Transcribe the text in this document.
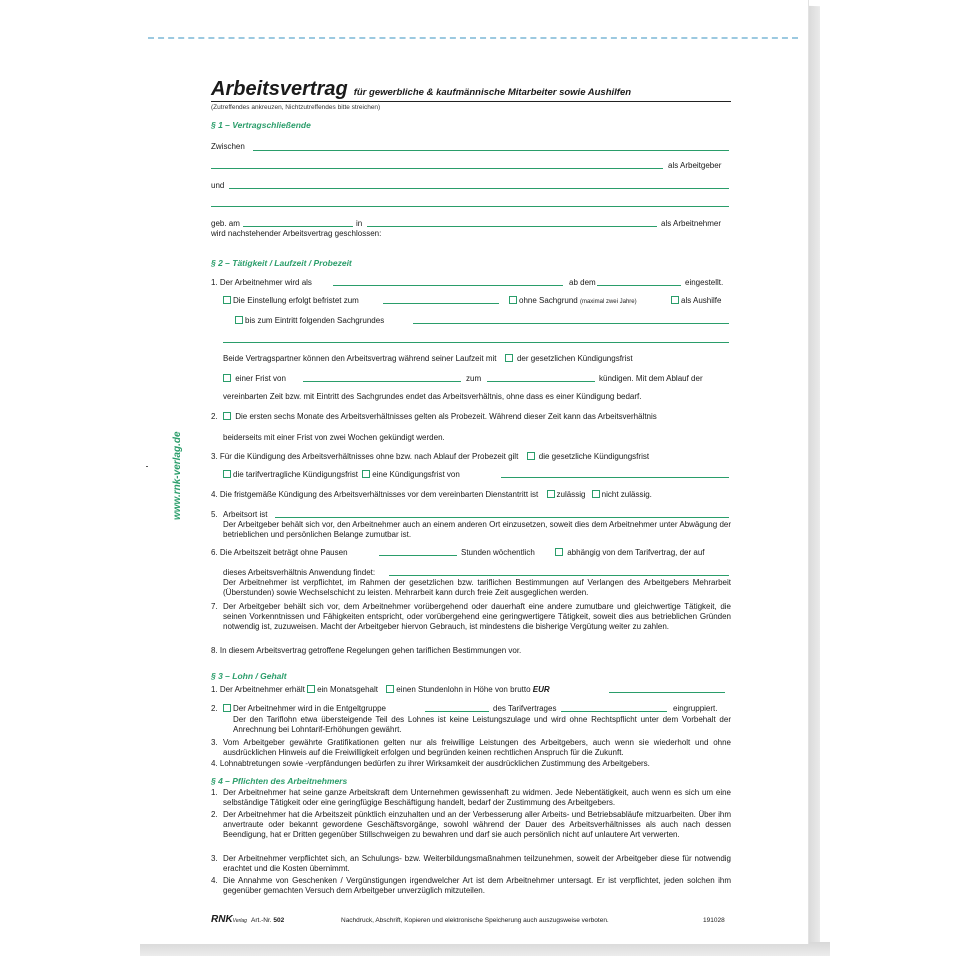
www.rnk-verlag.de
Arbeitsvertrag für gewerbliche & kaufmännische Mitarbeiter sowie Aushilfen
(Zutreffendes ankreuzen, Nichtzutreffendes bitte streichen)
§ 1 – Vertragschließende
Zwischen
als Arbeitgeber
und
geb. am	in	als Arbeitnehmer
wird nachstehender Arbeitsvertrag geschlossen:
§ 2 – Tätigkeit / Laufzeit / Probezeit
1. Der Arbeitnehmer wird als	ab dem	eingestellt.
Die Einstellung erfolgt befristet zum	ohne Sachgrund (maximal zwei Jahre)	als Aushilfe
bis zum Eintritt folgenden Sachgrundes
Beide Vertragspartner können den Arbeitsvertrag während seiner Laufzeit mit	der gesetzlichen Kündigungsfrist
einer Frist von	zum	kündigen. Mit dem Ablauf der
vereinbarten Zeit bzw. mit Eintritt des Sachgrundes endet das Arbeitsverhältnis, ohne dass es einer Kündigung bedarf.
2. Die ersten sechs Monate des Arbeitsverhältnisses gelten als Probezeit. Während dieser Zeit kann das Arbeitsverhältnis
beiderseits mit einer Frist von zwei Wochen gekündigt werden.
3. Für die Kündigung des Arbeitsverhältnisses ohne bzw. nach Ablauf der Probezeit gilt	die gesetzliche Kündigungsfrist
die tarifvertragliche Kündigungsfrist eine Kündigungsfrist von
4. Die fristgemäße Kündigung des Arbeitsverhältnisses vor dem vereinbarten Dienstantritt ist zulässig nicht zulässig.
5. Arbeitsort ist
Der Arbeitgeber behält sich vor, den Arbeitnehmer auch an einem anderen Ort einzusetzen, soweit dies dem Arbeitnehmer unter Abwägung der betrieblichen und persönlichen Belange zumutbar ist.
6. Die Arbeitszeit beträgt ohne Pausen	Stunden wöchentlich	abhängig von dem Tarifvertrag, der auf
dieses Arbeitsverhältnis Anwendung findet:
Der Arbeitnehmer ist verpflichtet, im Rahmen der gesetzlichen bzw. tariflichen Bestimmungen auf Verlangen des Arbeitgebers Mehrarbeit (Überstunden) sowie Wechselschicht zu leisten. Mehrarbeit kann durch freie Zeit ausgeglichen werden.
7. Der Arbeitgeber behält sich vor, dem Arbeitnehmer vorübergehend oder dauerhaft eine andere zumutbare und gleichwertige Tätigkeit, die seinen Vorkenntnissen und Fähigkeiten entspricht, oder vorübergehend eine geringwertigere Tätigkeit, soweit dies aus betrieblichen Gründen notwendig ist, zuzuweisen. Macht der Arbeitgeber hiervon Gebrauch, ist mindestens die bisherige Vergütung weiter zu zahlen.
8. In diesem Arbeitsvertrag getroffene Regelungen gehen tariflichen Bestimmungen vor.
§ 3 – Lohn / Gehalt
1. Der Arbeitnehmer erhält ein Monatsgehalt einen Stundenlohn in Höhe von brutto EUR
2. Der Arbeitnehmer wird in die Entgeltgruppe	des Tarifvertrages	eingruppiert.
Der den Tariflohn etwa übersteigende Teil des Lohnes ist keine Leistungszulage und wird ohne Rechtspflicht unter dem Vorbehalt der Anrechnung bei Lohntarif-Erhöhungen gewährt.
3. Vom Arbeitgeber gewährte Gratifikationen gelten nur als freiwillige Leistungen des Arbeitgebers, auch wenn sie wiederholt und ohne ausdrücklichen Hinweis auf die Freiwilligkeit erfolgen und begründen keinen rechtlichen Anspruch für die Zukunft.
4. Lohnabtretungen sowie -verpfändungen bedürfen zu ihrer Wirksamkeit der ausdrücklichen Zustimmung des Arbeitgebers.
§ 4 – Pflichten des Arbeitnehmers
1. Der Arbeitnehmer hat seine ganze Arbeitskraft dem Unternehmen gewissenhaft zu widmen. Jede Nebentätigkeit, auch wenn es sich um eine selbständige Tätigkeit oder eine geringfügige Beschäftigung handelt, bedarf der Zustimmung des Arbeitgebers.
2. Der Arbeitnehmer hat die Arbeitszeit pünktlich einzuhalten und an der Verbesserung aller Arbeits- und Betriebsabläufe mitzuarbeiten. Über ihm anvertraute oder bekannt gewordene Geschäftsvorgänge, sowohl während der Dauer des Arbeitsverhältnisses als auch nach dessen Beendigung, hat er Dritten gegenüber Stillschweigen zu bewahren und darf sie auch persönlich nicht auf unlautere Art verwerten.
3. Der Arbeitnehmer verpflichtet sich, an Schulungs- bzw. Weiterbildungsmaßnahmen teilzunehmen, soweit der Arbeitgeber diese für notwendig erachtet und die Kosten übernimmt.
4. Die Annahme von Geschenken / Vergünstigungen irgendwelcher Art ist dem Arbeitnehmer untersagt. Er ist verpflichtet, jeden solchen ihm gegenüber gemachten Versuch dem Arbeitgeber unverzüglich mitzuteilen.
RNKVerlag Art.-Nr. 502	Nachdruck, Abschrift, Kopieren und elektronische Speicherung auch auszugsweise verboten.	191028
